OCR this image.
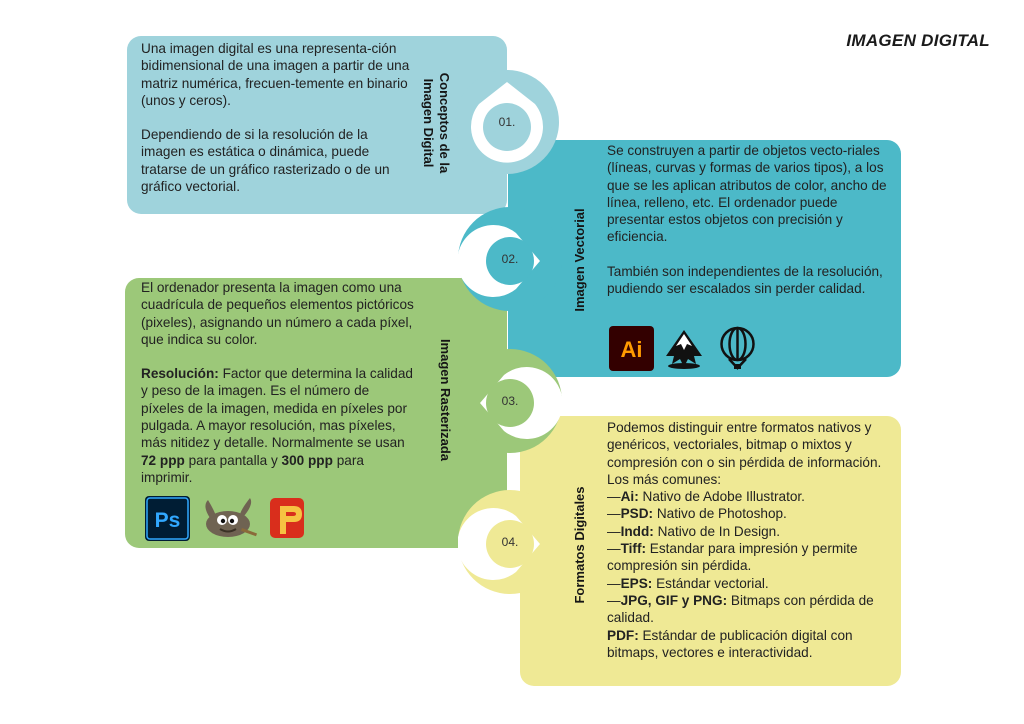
IMAGEN DIGITAL
01.
02.
03.
04.
Conceptos de la Imagen Digital
Imagen Vectorial
Imagen Rasterizada
Formatos Digitales

Una imagen digital es una representa-ción bidimensional de una imagen a partir de una matriz numérica, frecuen-temente en binario (unos y ceros).

Dependiendo de si la resolución de la imagen es estática o dinámica, puede tratarse de un gráfico rasterizado o de un gráfico vectorial.

Se construyen a partir de objetos vecto-riales (líneas, curvas y formas de varios tipos), a los que se les aplican atributos de color, ancho de línea, relleno, etc. El ordenador puede presentar estos objetos con precisión y eficiencia.

También son independientes de la resolución, pudiendo ser escalados sin perder calidad.

Ai

El ordenador presenta la imagen como una cuadrícula de pequeños elementos pictóricos (pixeles), asignando un número a cada píxel, que indica su color.

Resolución: Factor que determina la calidad y peso de la imagen. Es el número de píxeles de la imagen, medida en píxeles por pulgada. A mayor resolución, mas píxeles, más nitidez y detalle. Normalmente se usan 72 ppp para pantalla y 300 ppp para imprimir.

Ps
Podemos distinguir entre formatos nativos y genéricos, vectoriales, bitmap o mixtos y compresión con o sin pérdida de información.
Los más comunes:
—Ai: Nativo de Adobe Illustrator.
—PSD: Nativo de Photoshop.
—Indd: Nativo de In Design.
—Tiff: Estandar para impresión y permite compresión sin pérdida.
—EPS: Estándar vectorial.
—JPG, GIF y PNG: Bitmaps con pérdida de calidad.
PDF: Estándar de publicación digital con bitmaps, vectores e interactividad.
